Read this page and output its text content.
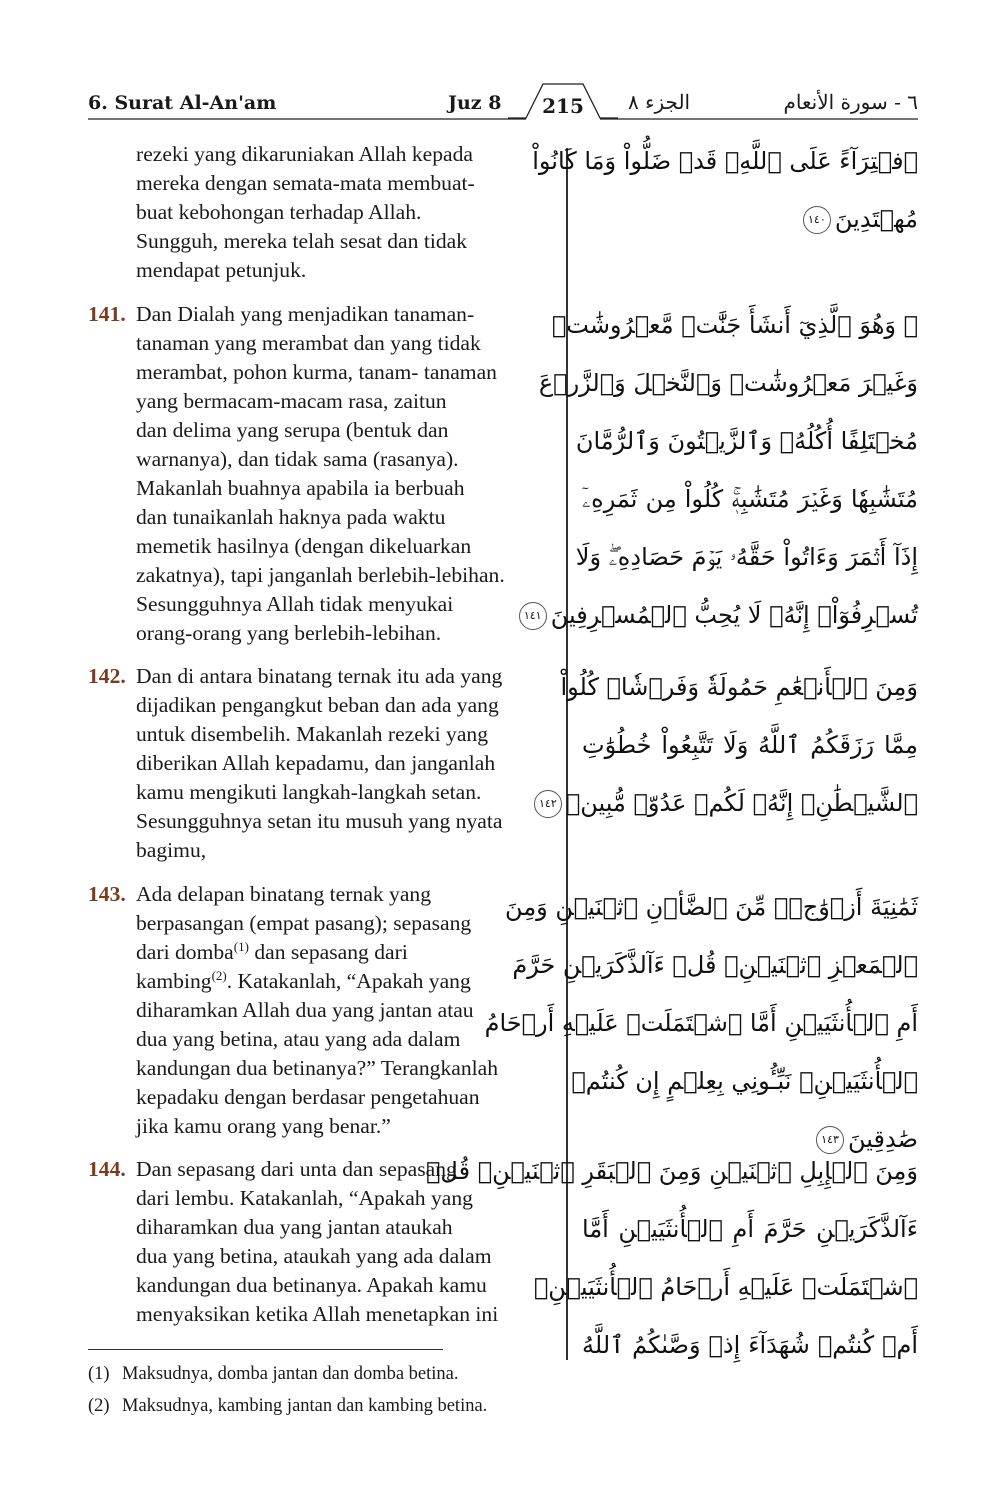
6. Surat Al-An'am	Juz 8	215	الجزء ٨	٦ - سورة الأنعام
rezeki yang dikaruniakan Allah kepada
mereka dengan semata-mata membuat-
buat kebohongan terhadap Allah.
Sungguh, mereka telah sesat dan tidak
mendapat petunjuk.
141. Dan Dialah yang menjadikan tanaman-
tanaman yang merambat dan yang tidak
merambat, pohon kurma, tanam- tanaman
yang bermacam-macam rasa, zaitun
dan delima yang serupa (bentuk dan
warnanya), dan tidak sama (rasanya).
Makanlah buahnya apabila ia berbuah
dan tunaikanlah haknya pada waktu
memetik hasilnya (dengan dikeluarkan
zakatnya), tapi janganlah berlebih-lebihan.
Sesungguhnya Allah tidak menyukai
orang-orang yang berlebih-lebihan.
142. Dan di antara binatang ternak itu ada yang
dijadikan pengangkut beban dan ada yang
untuk disembelih. Makanlah rezeki yang
diberikan Allah kepadamu, dan janganlah
kamu mengikuti langkah-langkah setan.
Sesungguhnya setan itu musuh yang nyata
bagimu,
143. Ada delapan binatang ternak yang
berpasangan (empat pasang); sepasang
dari domba$^{(1)}$ dan sepasang dari
kambing$^{(2)}$. Katakanlah, “Apakah yang
diharamkan Allah dua yang jantan atau
dua yang betina, atau yang ada dalam
kandungan dua betinanya?” Terangkanlah
kepadaku dengan berdasar pengetahuan
jika kamu orang yang benar.”
144. Dan sepasang dari unta dan sepasang
dari lembu. Katakanlah, “Apakah yang
diharamkan dua yang jantan ataukah
dua yang betina, ataukah yang ada dalam
kandungan dua betinanya. Apakah kamu
menyaksikan ketika Allah menetapkan ini
ٱفۡتِرَآءً عَلَى ٱللَّهِۚ قَدۡ ضَلُّواْ وَمَا كَانُواْ
مُهۡتَدِينَ١٤٠
۞ وَهُوَ ٱلَّذِيٓ أَنشَأَ جَنَّٰتٖ مَّعۡرُوشَٰتٖ
وَغَيۡرَ مَعۡرُوشَٰتٖ وَٱلنَّخۡلَ وَٱلزَّرۡعَ
مُخۡتَلِفًا أُكُلُهُۥ وَٱلزَّيۡتُونَ وَٱلرُّمَّانَ
مُتَشَٰبِهٗا وَغَيۡرَ مُتَشَٰبِهٖۚ كُلُواْ مِن ثَمَرِهِۦٓ
إِذَآ أَثۡمَرَ وَءَاتُواْ حَقَّهُۥ يَوۡمَ حَصَادِهِۦۖ وَلَا
تُسۡرِفُوٓاْۚ إِنَّهُۥ لَا يُحِبُّ ٱلۡمُسۡرِفِينَ١٤١
وَمِنَ ٱلۡأَنۡعَٰمِ حَمُولَةٗ وَفَرۡشٗاۚ كُلُواْ
مِمَّا رَزَقَكُمُ ٱللَّهُ وَلَا تَتَّبِعُواْ خُطُوَٰتِ
ٱلشَّيۡطَٰنِۚ إِنَّهُۥ لَكُمۡ عَدُوّٞ مُّبِينٞ١٤٢
ثَمَٰنِيَةَ أَزۡوَٰجٖۖ مِّنَ ٱلضَّأۡنِ ٱثۡنَيۡنِ وَمِنَ
ٱلۡمَعۡزِ ٱثۡنَيۡنِۗ قُلۡ ءَآلذَّكَرَيۡنِ حَرَّمَ
أَمِ ٱلۡأُنثَيَيۡنِ أَمَّا ٱشۡتَمَلَتۡ عَلَيۡهِ أَرۡحَامُ
ٱلۡأُنثَيَيۡنِۖ نَبِّـُٔونِي بِعِلۡمٍ إِن كُنتُمۡ
صَٰدِقِينَ١٤٣
وَمِنَ ٱلۡإِبِلِ ٱثۡنَيۡنِ وَمِنَ ٱلۡبَقَرِ ٱثۡنَيۡنِۗ قُلۡ
ءَآلذَّكَرَيۡنِ حَرَّمَ أَمِ ٱلۡأُنثَيَيۡنِ أَمَّا
ٱشۡتَمَلَتۡ عَلَيۡهِ أَرۡحَامُ ٱلۡأُنثَيَيۡنِۖ
أَمۡ كُنتُمۡ شُهَدَآءَ إِذۡ وَصَّىٰكُمُ ٱللَّهُ
(1) Maksudnya, domba jantan dan domba betina.
(2) Maksudnya, kambing jantan dan kambing betina.
